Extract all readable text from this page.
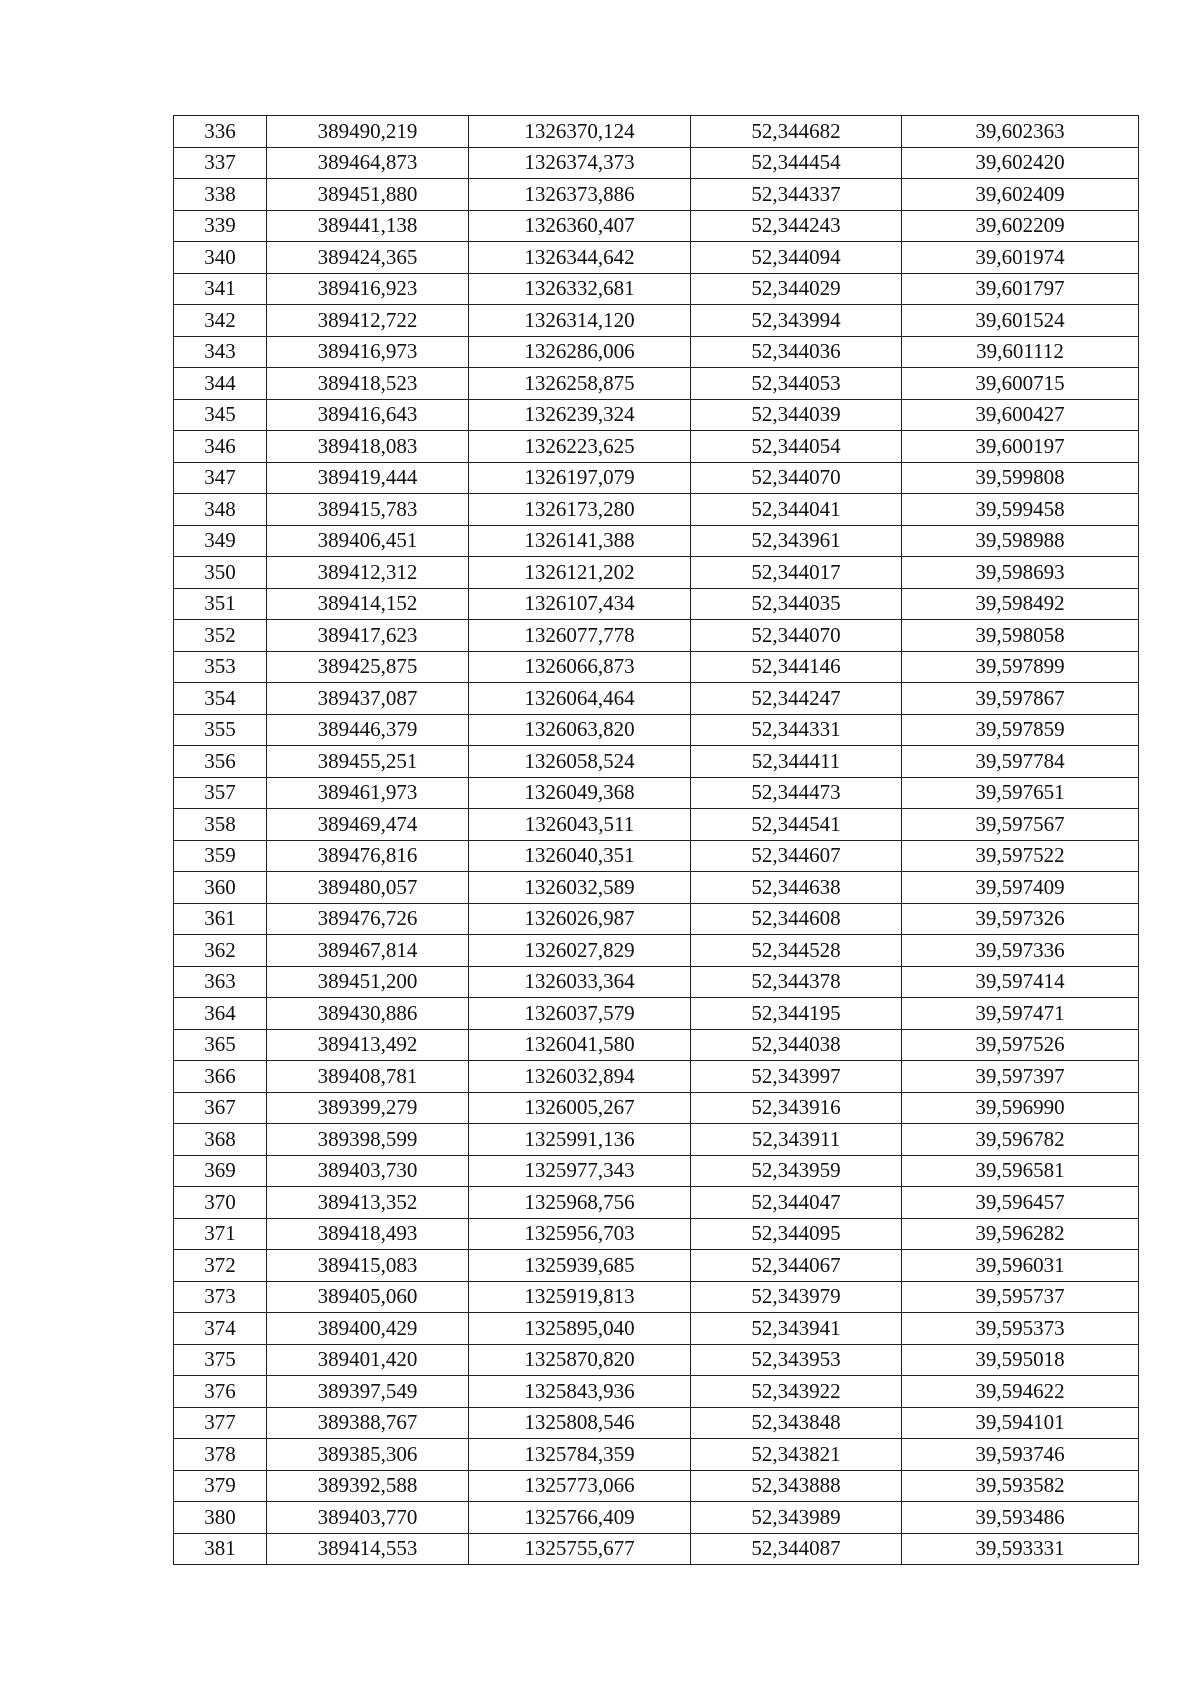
336	389490,219	1326370,124	52,344682	39,602363
337	389464,873	1326374,373	52,344454	39,602420
338	389451,880	1326373,886	52,344337	39,602409
339	389441,138	1326360,407	52,344243	39,602209
340	389424,365	1326344,642	52,344094	39,601974
341	389416,923	1326332,681	52,344029	39,601797
342	389412,722	1326314,120	52,343994	39,601524
343	389416,973	1326286,006	52,344036	39,601112
344	389418,523	1326258,875	52,344053	39,600715
345	389416,643	1326239,324	52,344039	39,600427
346	389418,083	1326223,625	52,344054	39,600197
347	389419,444	1326197,079	52,344070	39,599808
348	389415,783	1326173,280	52,344041	39,599458
349	389406,451	1326141,388	52,343961	39,598988
350	389412,312	1326121,202	52,344017	39,598693
351	389414,152	1326107,434	52,344035	39,598492
352	389417,623	1326077,778	52,344070	39,598058
353	389425,875	1326066,873	52,344146	39,597899
354	389437,087	1326064,464	52,344247	39,597867
355	389446,379	1326063,820	52,344331	39,597859
356	389455,251	1326058,524	52,344411	39,597784
357	389461,973	1326049,368	52,344473	39,597651
358	389469,474	1326043,511	52,344541	39,597567
359	389476,816	1326040,351	52,344607	39,597522
360	389480,057	1326032,589	52,344638	39,597409
361	389476,726	1326026,987	52,344608	39,597326
362	389467,814	1326027,829	52,344528	39,597336
363	389451,200	1326033,364	52,344378	39,597414
364	389430,886	1326037,579	52,344195	39,597471
365	389413,492	1326041,580	52,344038	39,597526
366	389408,781	1326032,894	52,343997	39,597397
367	389399,279	1326005,267	52,343916	39,596990
368	389398,599	1325991,136	52,343911	39,596782
369	389403,730	1325977,343	52,343959	39,596581
370	389413,352	1325968,756	52,344047	39,596457
371	389418,493	1325956,703	52,344095	39,596282
372	389415,083	1325939,685	52,344067	39,596031
373	389405,060	1325919,813	52,343979	39,595737
374	389400,429	1325895,040	52,343941	39,595373
375	389401,420	1325870,820	52,343953	39,595018
376	389397,549	1325843,936	52,343922	39,594622
377	389388,767	1325808,546	52,343848	39,594101
378	389385,306	1325784,359	52,343821	39,593746
379	389392,588	1325773,066	52,343888	39,593582
380	389403,770	1325766,409	52,343989	39,593486
381	389414,553	1325755,677	52,344087	39,593331
